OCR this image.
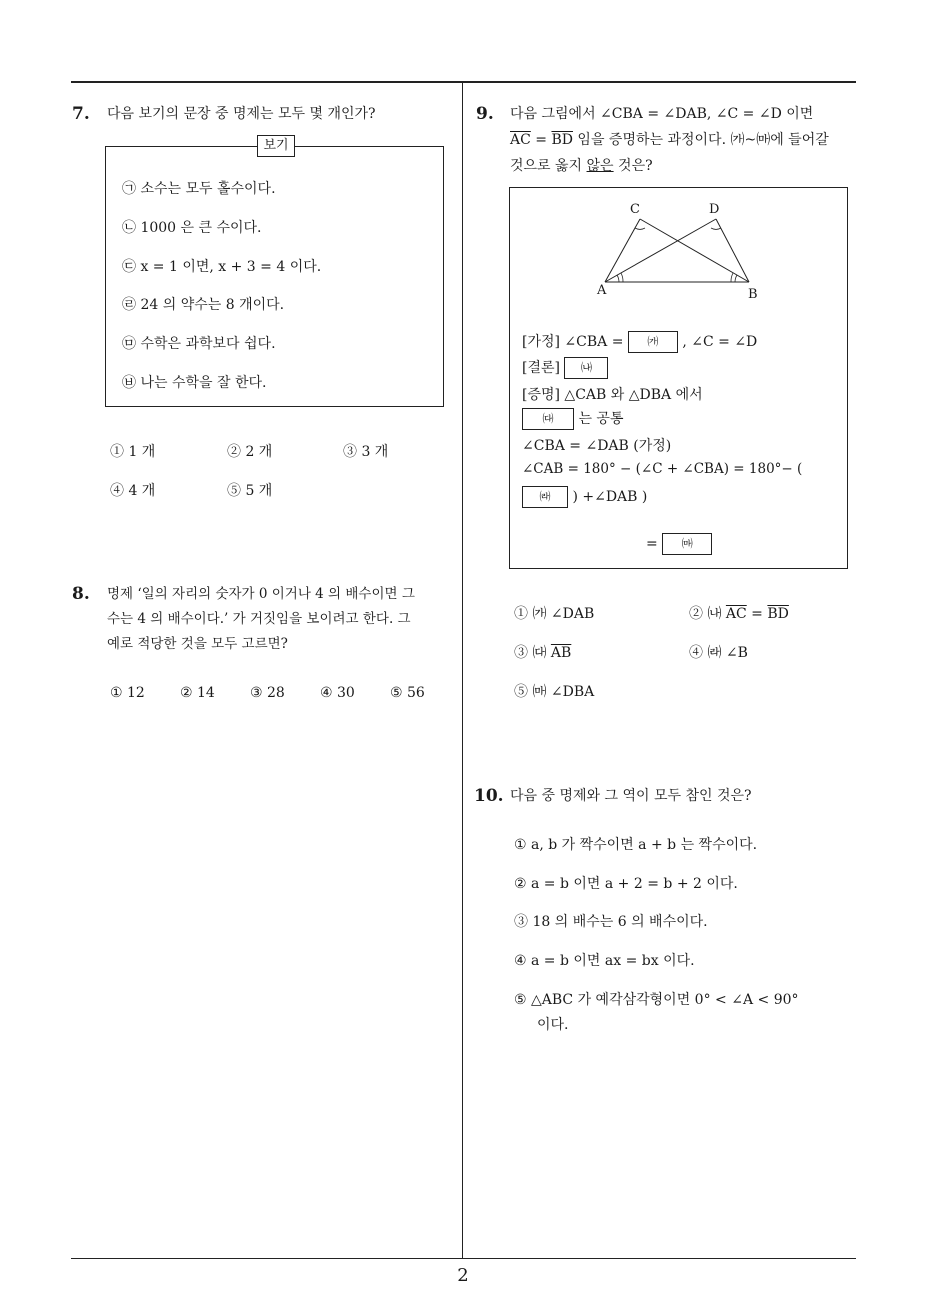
2
7. 다음 보기의 문장 중 명제는 모두 몇 개인가?
보기
㉠ 소수는 모두 홀수이다.
㉡ 1000 은 큰 수이다.
㉢ x = 1 이면, x + 3 = 4 이다.
㉣ 24 의 약수는 8 개이다.
㉤ 수학은 과학보다 쉽다.
㉥ 나는 수학을 잘 한다.
① 1 개	② 2 개	③ 3 개
④ 4 개	⑤ 5 개
8. 명제 ‘일의 자리의 숫자가 0 이거나 4 의 배수이면 그
수는 4 의 배수이다.’ 가 거짓임을 보이려고 한다. 그
예로 적당한 것을 모두 고르면?
① 12	② 14	③ 28	④ 30	⑤ 56
9. 다음 그림에서 ∠CBA = ∠DAB, ∠C = ∠D 이면
$\overline{AC} = \overline{BD}$ 임을 증명하는 과정이다. ㈎~㈒에 들어갈
것으로 옳지 않은 것은?
C	D
A	B
[가정] ∠CBA = ㈎ , ∠C = ∠D
[결론] ㈏
[증명] △CAB 와 △DBA 에서
㈐ 는 공통
∠CBA = ∠DAB (가정)
∠CAB = 180° − (∠C + ∠CBA) = 180°− (
㈑ ) +∠DAB )
= ㈒
① ㈎ ∠DAB	② ㈏ $\overline{AC} = \overline{BD}$
③ ㈐ $\overline{AB}$	④ ㈑ ∠B
⑤ ㈒ ∠DBA
10. 다음 중 명제와 그 역이 모두 참인 것은?
① a, b 가 짝수이면 a + b 는 짝수이다.
② a = b 이면 a + 2 = b + 2 이다.
③ 18 의 배수는 6 의 배수이다.
④ a = b 이면 ax = bx 이다.
⑤ △ABC 가 예각삼각형이면 0° < ∠A < 90°
이다.
